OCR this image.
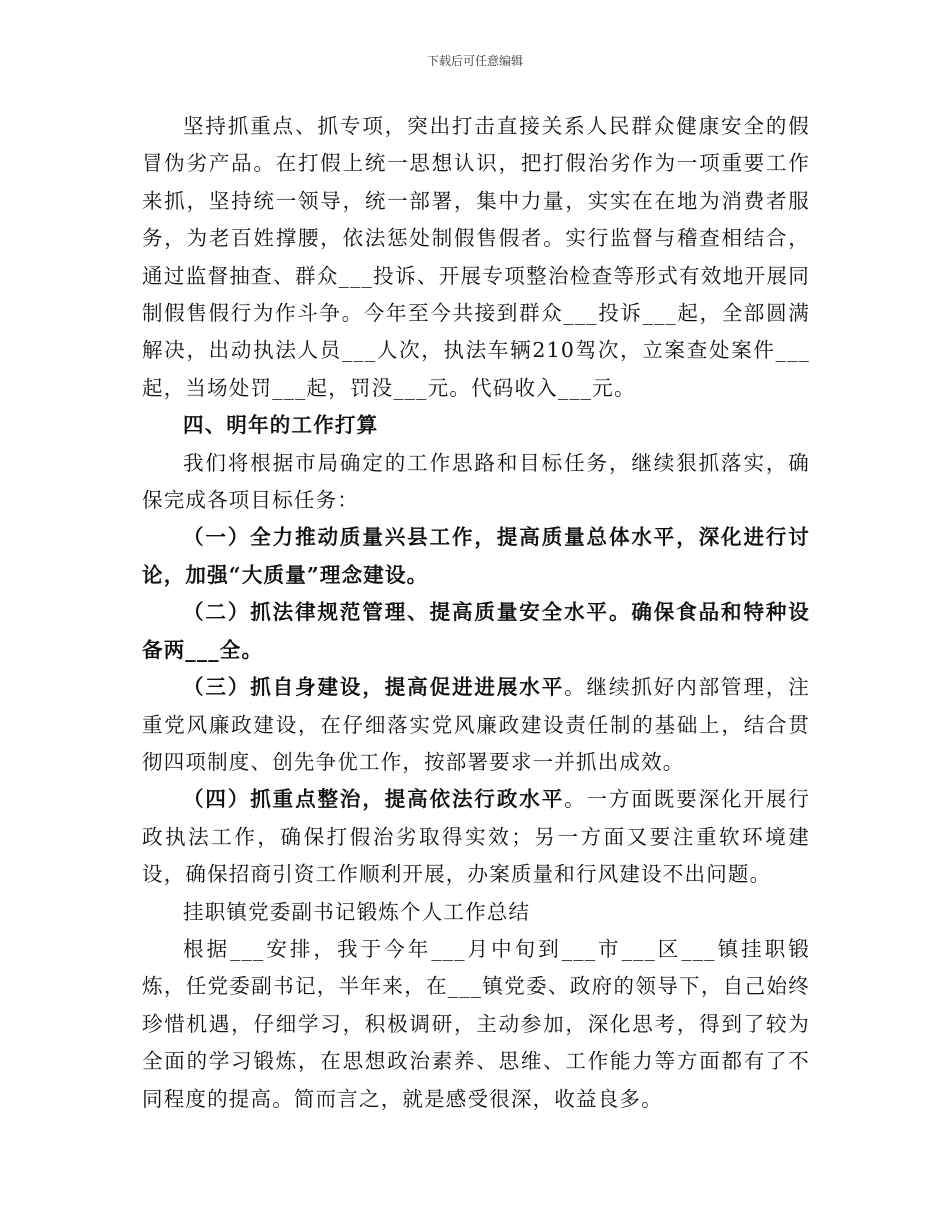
下载后可任意编辑

坚持抓重点、抓专项，突出打击直接关系人民群众健康安全的假冒伪劣产品。在打假上统一思想认识，把打假治劣作为一项重要工作来抓，坚持统一领导，统一部署，集中力量，实实在在地为消费者服务，为老百姓撑腰，依法惩处制假售假者。实行监督与稽查相结合，通过监督抽查、群众___投诉、开展专项整治检查等形式有效地开展同制假售假行为作斗争。今年至今共接到群众___投诉___起，全部圆满解决，出动执法人员___人次，执法车辆210驾次，立案查处案件___起，当场处罚___起，罚没___元。代码收入___元。

四、明年的工作打算

我们将根据市局确定的工作思路和目标任务，继续狠抓落实，确保完成各项目标任务：

（一）全力推动质量兴县工作，提高质量总体水平，深化进行讨论，加强“大质量”理念建设。

（二）抓法律规范管理、提高质量安全水平。确保食品和特种设备两___全。

（三）抓自身建设，提高促进进展水平。继续抓好内部管理，注重党风廉政建设，在仔细落实党风廉政建设责任制的基础上，结合贯彻四项制度、创先争优工作，按部署要求一并抓出成效。

（四）抓重点整治，提高依法行政水平。一方面既要深化开展行政执法工作，确保打假治劣取得实效；另一方面又要注重软环境建设，确保招商引资工作顺利开展，办案质量和行风建设不出问题。

挂职镇党委副书记锻炼个人工作总结

根据___安排，我于今年___月中旬到___市___区___镇挂职锻炼，任党委副书记，半年来，在___镇党委、政府的领导下，自己始终珍惜机遇，仔细学习，积极调研，主动参加，深化思考，得到了较为全面的学习锻炼，在思想政治素养、思维、工作能力等方面都有了不同程度的提高。简而言之，就是感受很深，收益良多。
